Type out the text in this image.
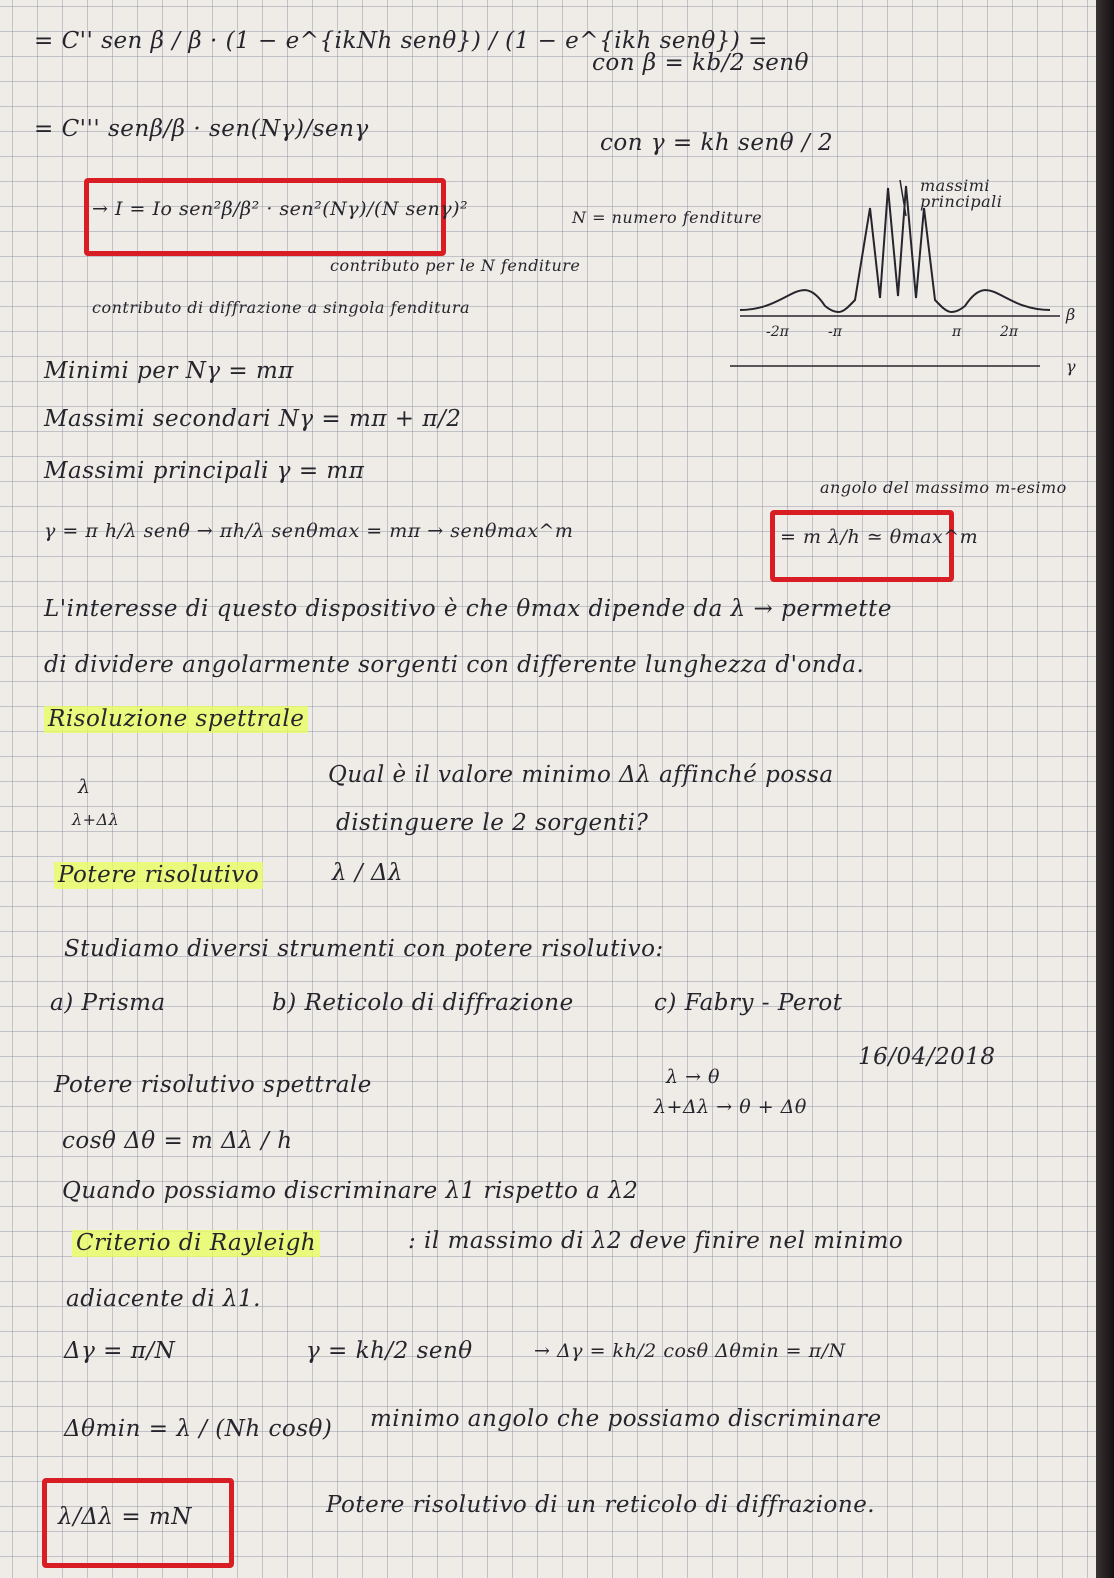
= C'' sen β / β · (1 − e^{ikNh senθ}) / (1 − e^{ikh senθ}) =
con β = kb/2 senθ
= C''' senβ/β · sen(Nγ)/senγ
con γ = kh senθ / 2
→ I = Io sen²β/β² · sen²(Nγ)/(N senγ)²	N = numero fenditure
contributo per le N fenditure
contributo di diffrazione a singola fenditura
-2π	-π	π	2π
β
γ
massimi principali
Minimi per Nγ = mπ
Massimi secondari Nγ = mπ + π/2
Massimi principali γ = mπ
angolo del massimo m-esimo
γ = π h/λ senθ → πh/λ senθmax = mπ → senθmax^m	= m λ/h ≃ θmax^m
L'interesse di questo dispositivo è che θmax dipende da λ → permette
di dividere angolarmente sorgenti con differente lunghezza d'onda.
Risoluzione spettrale
λ
λ+Δλ
Qual è il valore minimo Δλ affinché possa
distinguere le 2 sorgenti?
Potere risolutivo	λ / Δλ
Studiamo diversi strumenti con potere risolutivo:
a) Prisma	b) Reticolo di diffrazione	c) Fabry - Perot
16/04/2018
Potere risolutivo spettrale	λ → θ
λ+Δλ → θ + Δθ
cosθ Δθ = m Δλ / h
Quando possiamo discriminare λ1 rispetto a λ2
Criterio di Rayleigh	: il massimo di λ2 deve finire nel minimo
adiacente di λ1.
Δγ = π/N	γ = kh/2 senθ	→ Δγ = kh/2 cosθ Δθmin = π/N
Δθmin = λ / (Nh cosθ) minimo angolo che possiamo discriminare
λ/Δλ = mN	Potere risolutivo di un reticolo di diffrazione.
